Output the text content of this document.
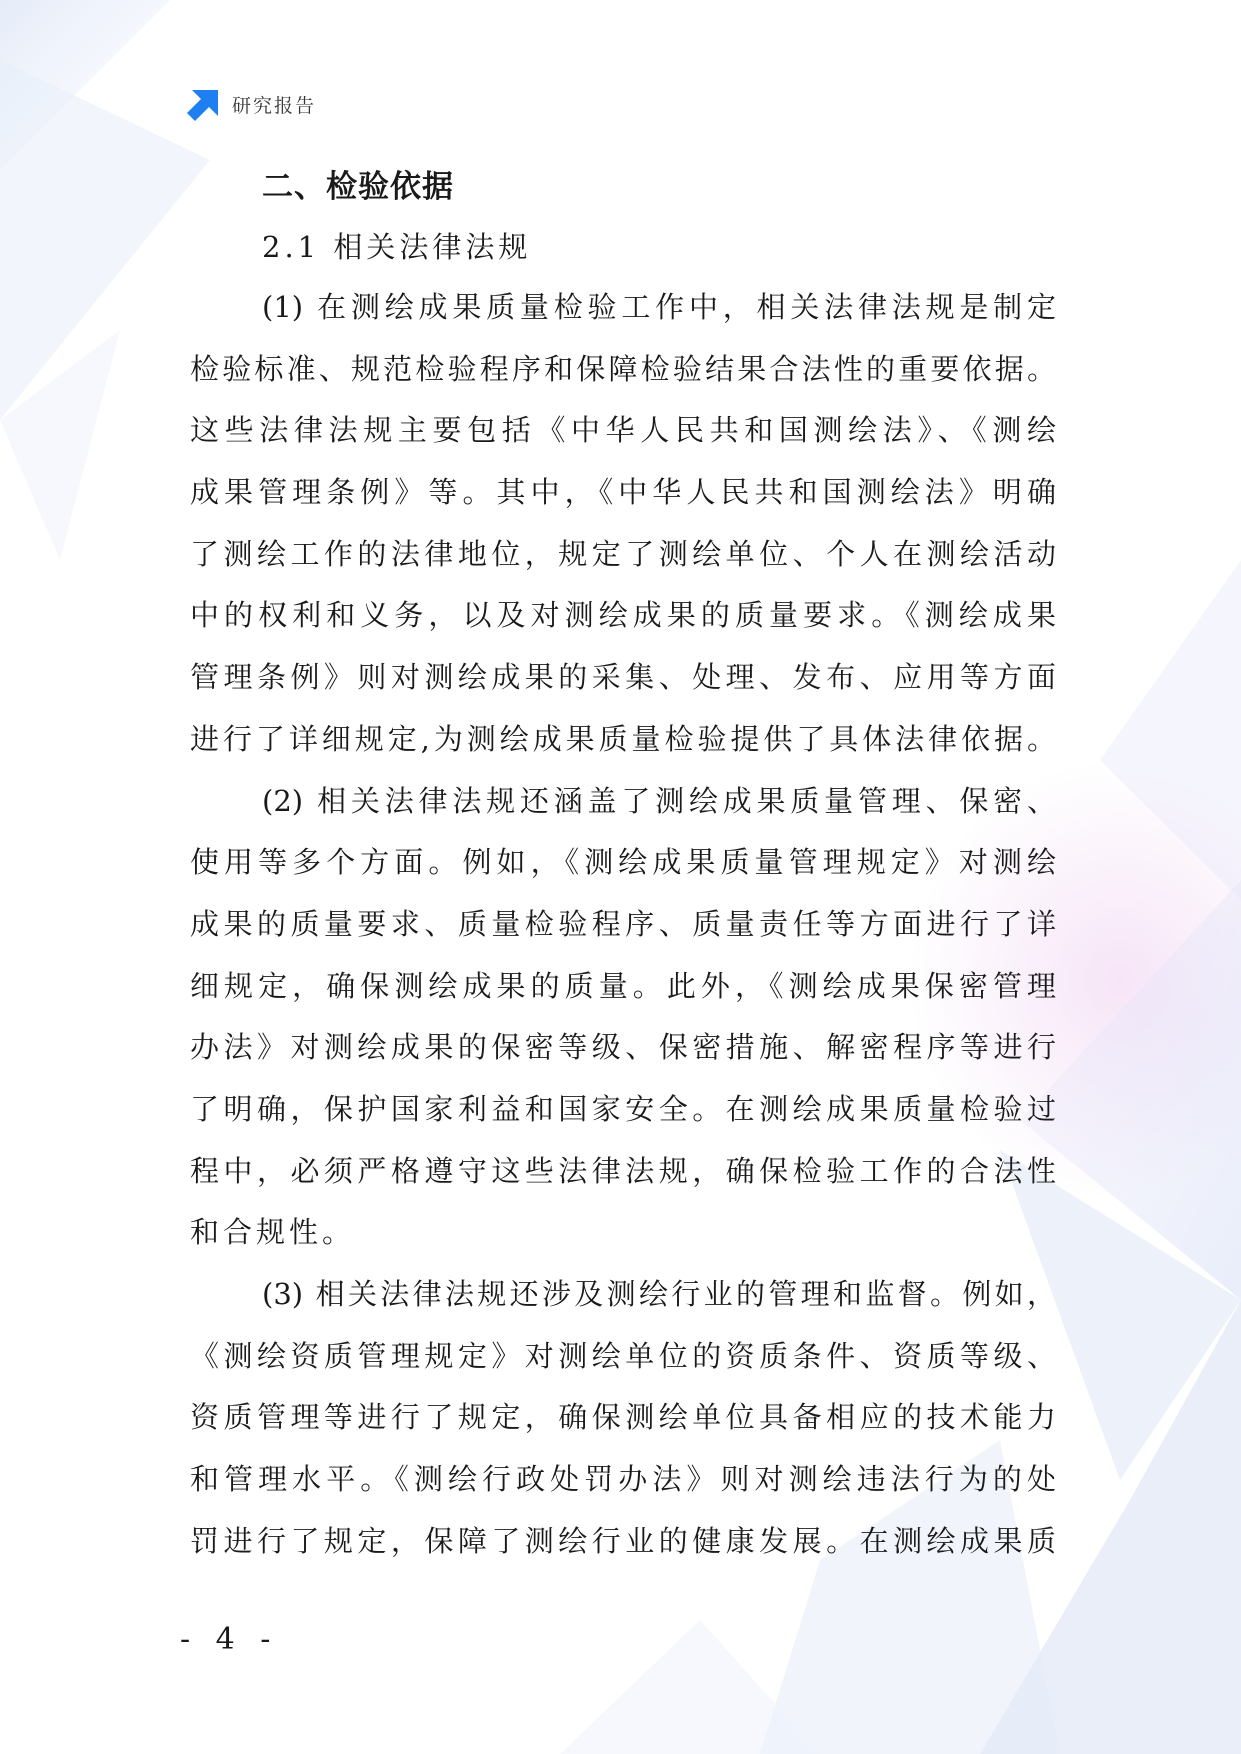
研究报告
二、检验依据
2.1 相关法律法规
(1) 在测绘成果质量检验工作中，相关法律法规是制定
检验标准、规范检验程序和保障检验结果合法性的重要依据。
这些法律法规主要包括《中华人民共和国测绘法》、《测绘
成果管理条例》等。其中，《中华人民共和国测绘法》明确
了测绘工作的法律地位，规定了测绘单位、个人在测绘活动
中的权利和义务，以及对测绘成果的质量要求。《测绘成果
管理条例》则对测绘成果的采集、处理、发布、应用等方面
进行了详细规定,为测绘成果质量检验提供了具体法律依据。
(2) 相关法律法规还涵盖了测绘成果质量管理、保密、
使用等多个方面。例如，《测绘成果质量管理规定》对测绘
成果的质量要求、质量检验程序、质量责任等方面进行了详
细规定，确保测绘成果的质量。此外，《测绘成果保密管理
办法》对测绘成果的保密等级、保密措施、解密程序等进行
了明确，保护国家利益和国家安全。在测绘成果质量检验过
程中，必须严格遵守这些法律法规，确保检验工作的合法性
和合规性。
(3) 相关法律法规还涉及测绘行业的管理和监督。例如，
《测绘资质管理规定》对测绘单位的资质条件、资质等级、
资质管理等进行了规定，确保测绘单位具备相应的技术能力
和管理水平。《测绘行政处罚办法》则对测绘违法行为的处
罚进行了规定，保障了测绘行业的健康发展。在测绘成果质
- 4 -
